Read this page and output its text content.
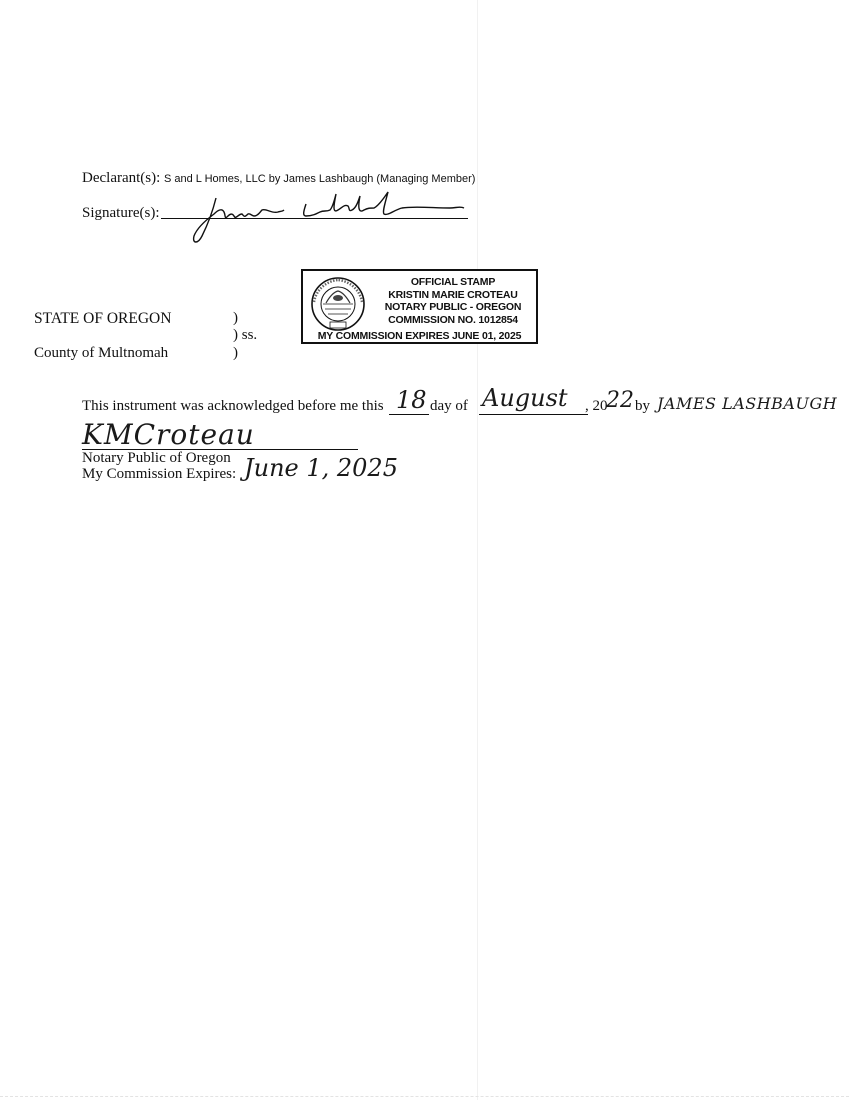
Declarant(s): S and L Homes, LLC by James Lashbaugh (Managing Member)
Signature(s):
STATE OF OREGON	)
) ss.
County of Multnomah	)
OFFICIAL STAMP
KRISTIN MARIE CROTEAU
NOTARY PUBLIC - OREGON
COMMISSION NO. 1012854
MY COMMISSION EXPIRES JUNE 01, 2025
This instrument was acknowledged before me this 18 day of August , 20
22 by JAMES LASHBAUGH
KMCroteau
Notary Public of Oregon
My Commission Expires: June 1, 2025
